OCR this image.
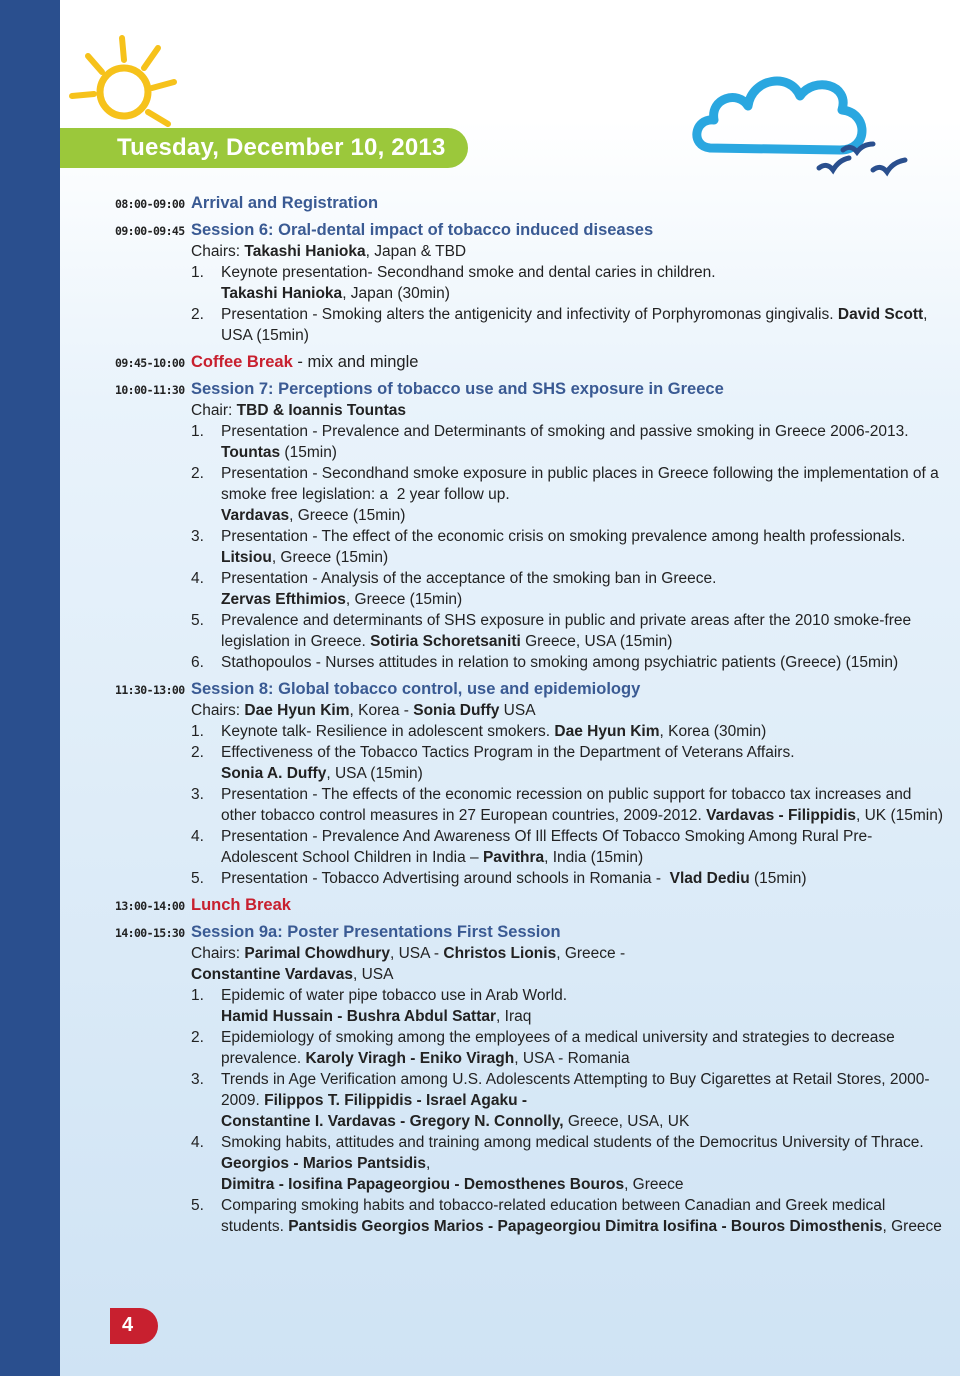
Tuesday, December 10, 2013
08:00-09:00 Arrival and Registration
09:00-09:45 Session 6: Oral-dental impact of tobacco induced diseases
Chairs: Takashi Hanioka, Japan & TBD
1.	Keynote presentation- Secondhand smoke and dental caries in children.
Takashi Hanioka, Japan (30min)
2.	Presentation - Smoking alters the antigenicity and infectivity of Porphyromonas gingivalis. David Scott, USA (15min)
09:45-10:00 Coffee Break - mix and mingle
10:00-11:30 Session 7: Perceptions of tobacco use and SHS exposure in Greece
Chair: TBD & Ioannis Tountas
1.	Presentation - Prevalence and Determinants of smoking and passive smoking in Greece 2006-2013. Tountas (15min)
2.	Presentation - Secondhand smoke exposure in public places in Greece following the implementation of a smoke free legislation: a  2 year follow up.
Vardavas, Greece (15min)
3.	Presentation - The effect of the economic crisis on smoking prevalence among health professionals. Litsiou, Greece (15min)
4.	Presentation - Analysis of the acceptance of the smoking ban in Greece.
Zervas Efthimios, Greece (15min)
5.	Prevalence and determinants of SHS exposure in public and private areas after the 2010 smoke-free legislation in Greece. Sotiria Schoretsaniti Greece, USA (15min)
6.	Stathopoulos - Nurses attitudes in relation to smoking among psychiatric patients (Greece) (15min)
11:30-13:00 Session 8: Global tobacco control, use and epidemiology
Chairs: Dae Hyun Kim, Korea - Sonia Duffy USA
1.	Keynote talk- Resilience in adolescent smokers. Dae Hyun Kim, Korea (30min)
2.	Effectiveness of the Tobacco Tactics Program in the Department of Veterans Affairs.
Sonia A. Duffy, USA (15min)
3.	Presentation - The effects of the economic recession on public support for tobacco tax increases and other tobacco control measures in 27 European countries, 2009-2012. Vardavas - Filippidis, UK (15min)
4.	Presentation - Prevalence And Awareness Of Ill Effects Of Tobacco Smoking Among Rural Pre-Adolescent School Children in India – Pavithra, India (15min)
5.	Presentation - Tobacco Advertising around schools in Romania -  Vlad Dediu (15min)
13:00-14:00 Lunch Break
14:00-15:30 Session 9a: Poster Presentations First Session
Chairs: Parimal Chowdhury, USA - Christos Lionis, Greece -
Constantine Vardavas, USA
1.	Epidemic of water pipe tobacco use in Arab World.
Hamid Hussain - Bushra Abdul Sattar, Iraq
2.	Epidemiology of smoking among the employees of a medical university and strategies to decrease prevalence. Karoly Viragh - Eniko Viragh, USA - Romania
3.	Trends in Age Verification among U.S. Adolescents Attempting to Buy Cigarettes at Retail Stores, 2000-2009. Filippos T. Filippidis - Israel Agaku -
Constantine I. Vardavas - Gregory N. Connolly, Greece, USA, UK
4.	Smoking habits, attitudes and training among medical students of the Democritus University of Thrace. Georgios - Marios Pantsidis,
Dimitra - Iosifina Papageorgiou - Demosthenes Bouros, Greece
5.	Comparing smoking habits and tobacco-related education between Canadian and Greek medical students. Pantsidis Georgios Marios - Papageorgiou Dimitra Iosifina - Bouros Dimosthenis, Greece
4
